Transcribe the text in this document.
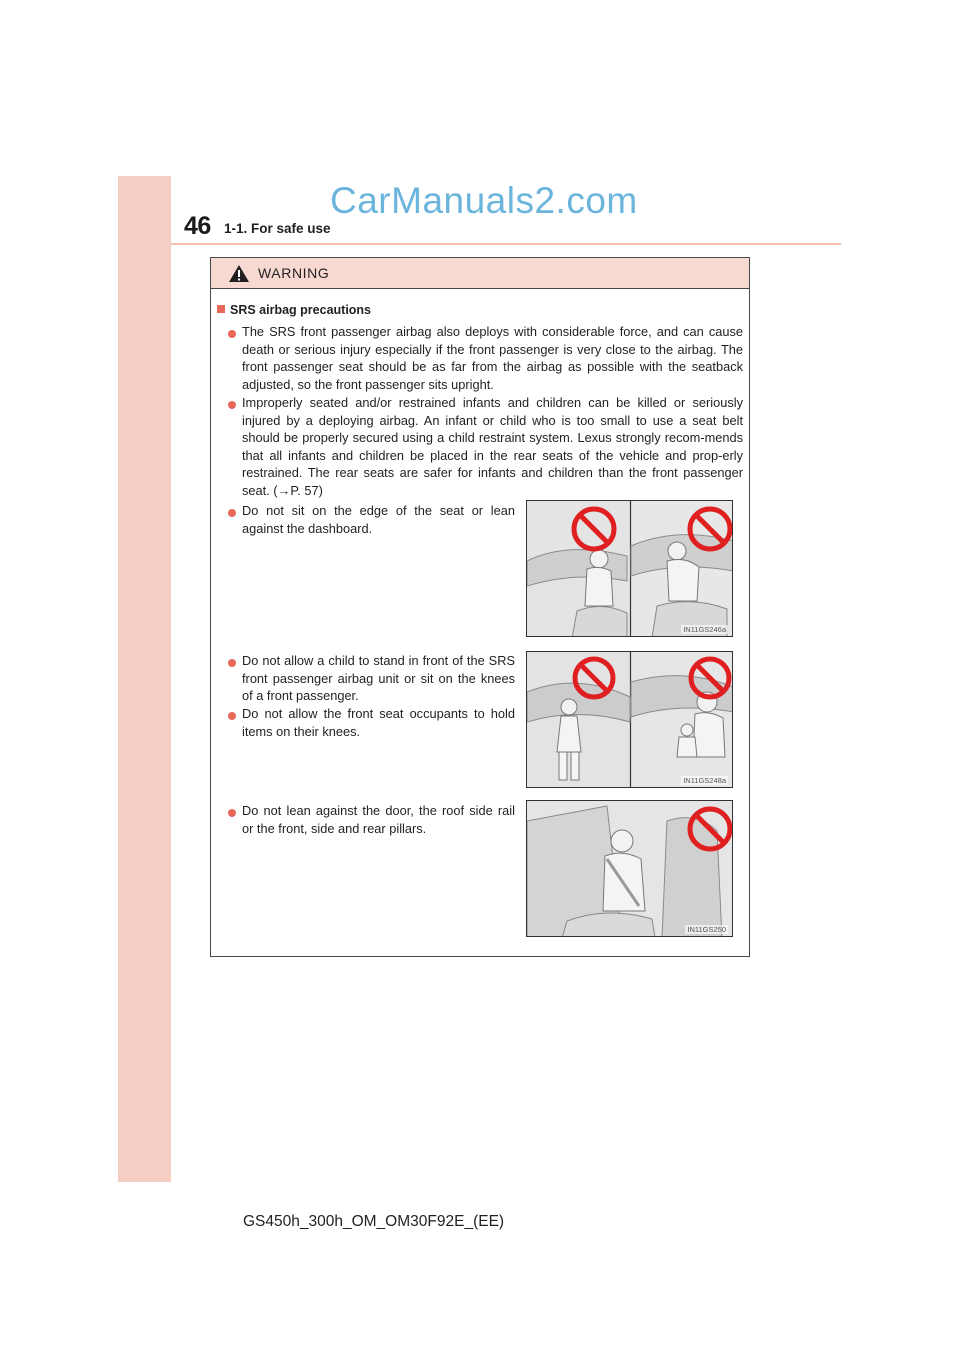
CarManuals2.com
46 1-1. For safe use
WARNING
SRS airbag precautions
The SRS front passenger airbag also deploys with considerable force, and can cause death or serious injury especially if the front passenger is very close to the airbag. The front passenger seat should be as far from the airbag as possible with the seatback adjusted, so the front passenger sits upright.
Improperly seated and/or restrained infants and children can be killed or seriously injured by a deploying airbag. An infant or child who is too small to use a seat belt should be properly secured using a child restraint system. Lexus strongly recom-mends that all infants and children be placed in the rear seats of the vehicle and prop-erly restrained. The rear seats are safer for infants and children than the front passenger seat. (→P. 57)
Do not sit on the edge of the seat or lean against the dashboard.
Do not allow a child to stand in front of the SRS front passenger airbag unit or sit on the knees of a front passenger.
Do not allow the front seat occupants to hold items on their knees.
Do not lean against the door, the roof side rail or the front, side and rear pillars.
IN11GS246a
IN11GS248a
IN11GS250
GS450h_300h_OM_OM30F92E_(EE)
